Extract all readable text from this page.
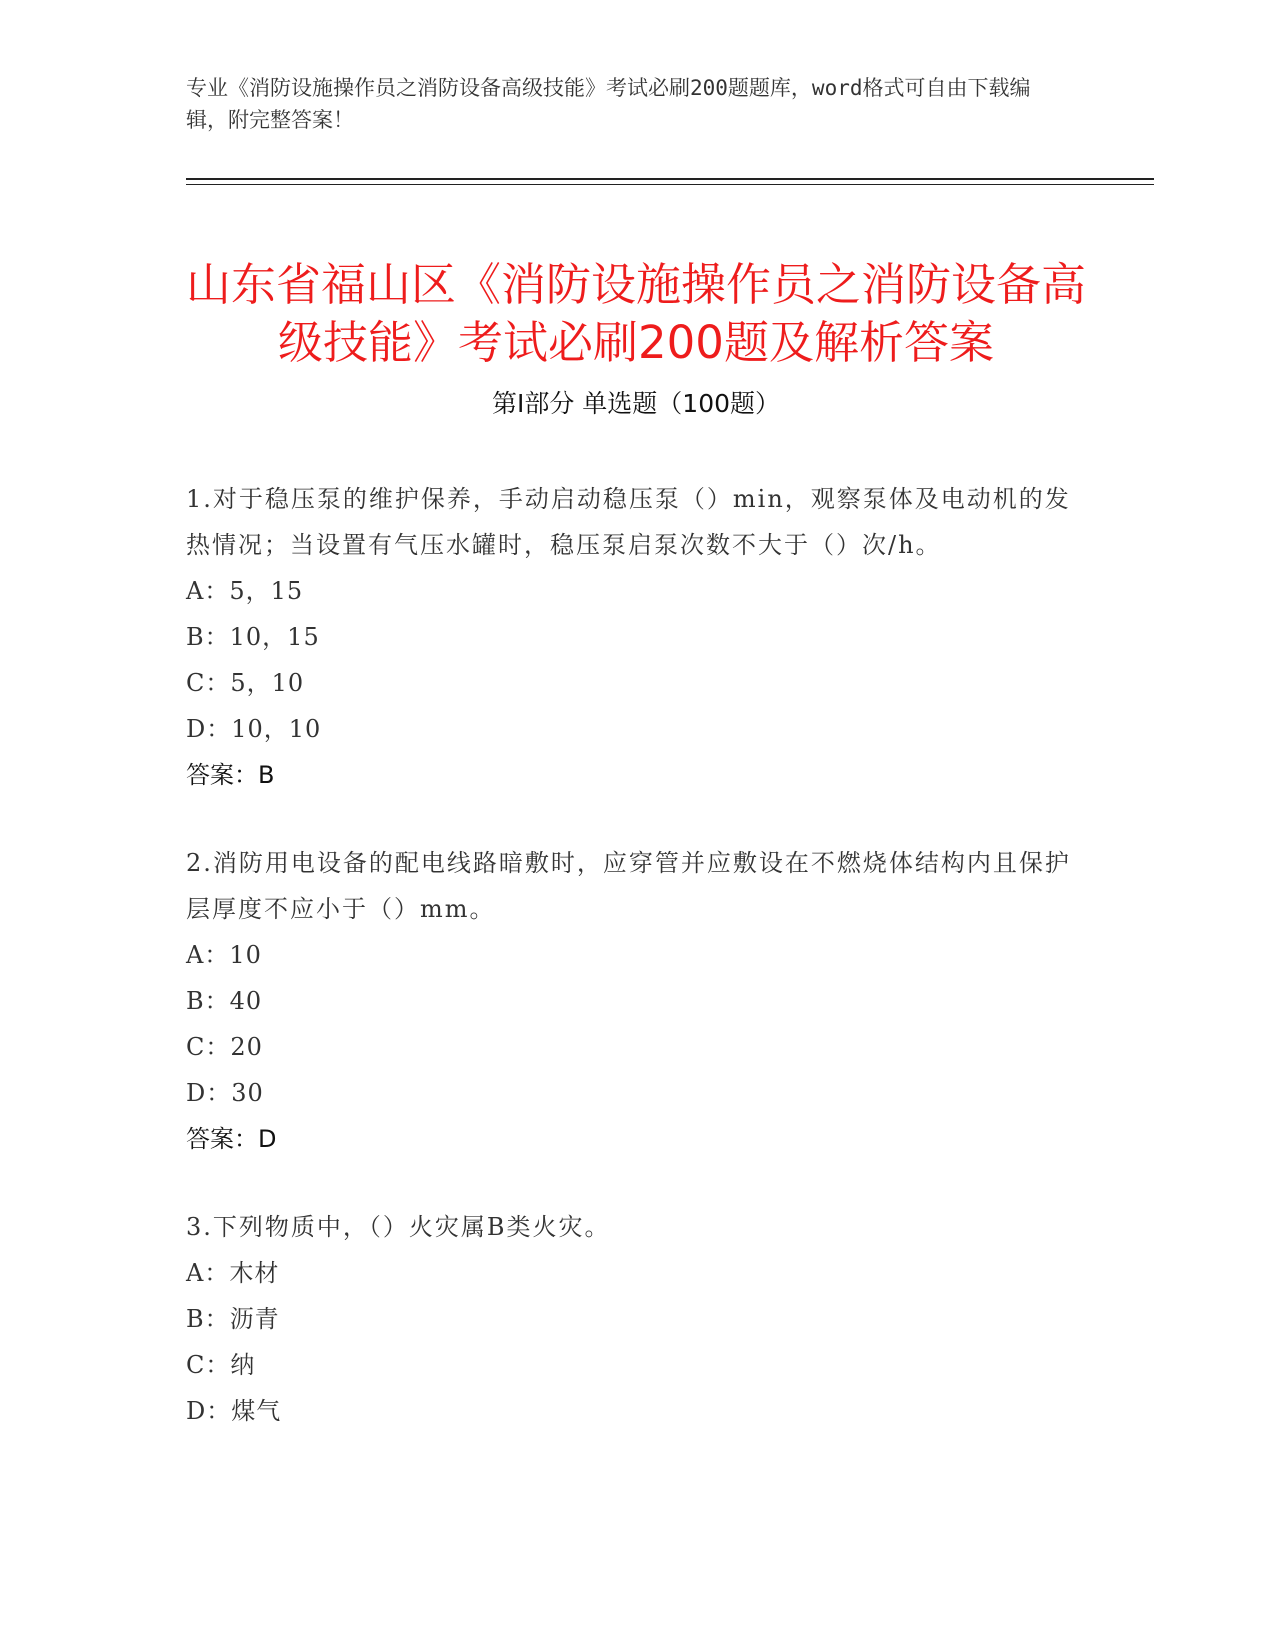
专业《消防设施操作员之消防设备高级技能》考试必刷200题题库，word格式可自由下载编辑，附完整答案！
山东省福山区《消防设施操作员之消防设备高级技能》考试必刷200题及解析答案
第Ⅰ部分 单选题（100题）
1.对于稳压泵的维护保养，手动启动稳压泵（）min，观察泵体及电动机的发热情况；当设置有气压水罐时，稳压泵启泵次数不大于（）次/h。
A：5，15
B：10，15
C：5，10
D：10，10
答案：B
2.消防用电设备的配电线路暗敷时，应穿管并应敷设在不燃烧体结构内且保护层厚度不应小于（）mm。
A：10
B：40
C：20
D：30
答案：D
3.下列物质中，（）火灾属B类火灾。
A：木材
B：沥青
C：纳
D：煤气
